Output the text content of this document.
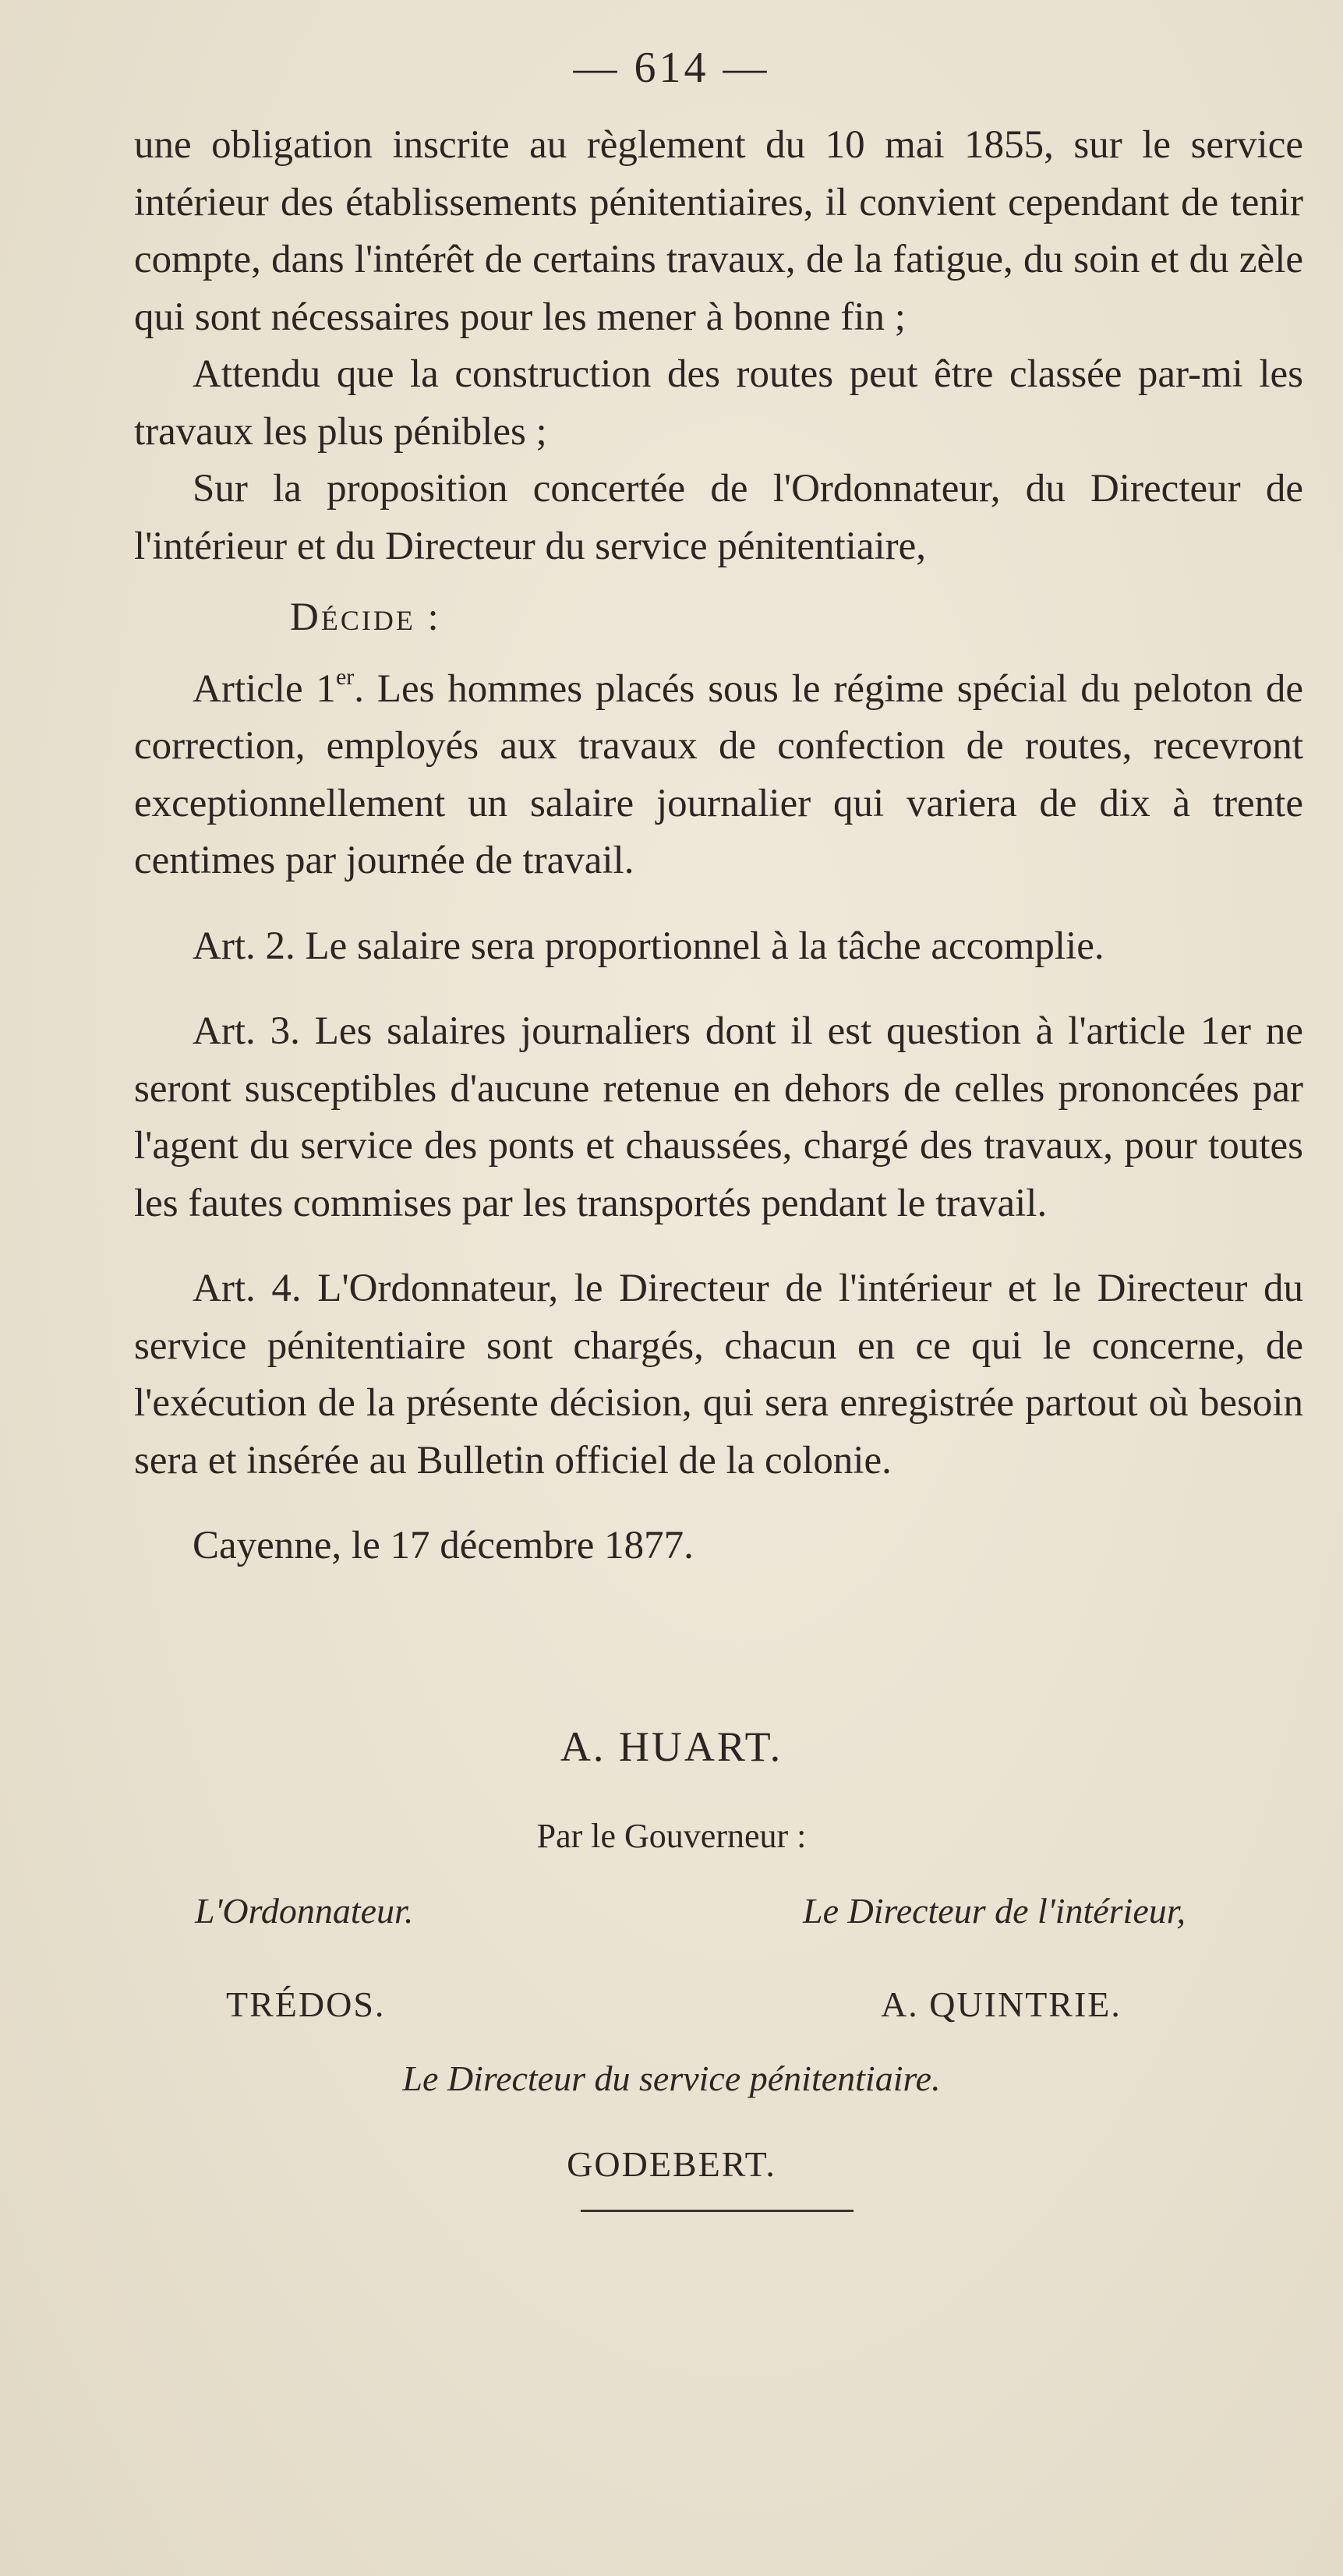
— 614 —

une obligation inscrite au règlement du 10 mai 1855, sur le service intérieur des établissements pénitentiaires, il convient cependant de tenir compte, dans l'intérêt de certains travaux, de la fatigue, du soin et du zèle qui sont nécessaires pour les mener à bonne fin ;

Attendu que la construction des routes peut être classée par-mi les travaux les plus pénibles ;

Sur la proposition concertée de l'Ordonnateur, du Directeur de l'intérieur et du Directeur du service pénitentiaire,

Décide :

Article 1er. Les hommes placés sous le régime spécial du peloton de correction, employés aux travaux de confection de routes, recevront exceptionnellement un salaire journalier qui variera de dix à trente centimes par journée de travail.

Art. 2. Le salaire sera proportionnel à la tâche accomplie.

Art. 3. Les salaires journaliers dont il est question à l'article 1er ne seront susceptibles d'aucune retenue en dehors de celles prononcées par l'agent du service des ponts et chaussées, chargé des travaux, pour toutes les fautes commises par les transportés pendant le travail.

Art. 4. L'Ordonnateur, le Directeur de l'intérieur et le Directeur du service pénitentiaire sont chargés, chacun en ce qui le concerne, de l'exécution de la présente décision, qui sera enregistrée partout où besoin sera et insérée au Bulletin officiel de la colonie.

Cayenne, le 17 décembre 1877.

A. HUART.
Par le Gouverneur :
L'Ordonnateur.	Le Directeur de l'intérieur,
TRÉDOS.	A. QUINTRIE.
Le Directeur du service pénitentiaire.
GODEBERT.
